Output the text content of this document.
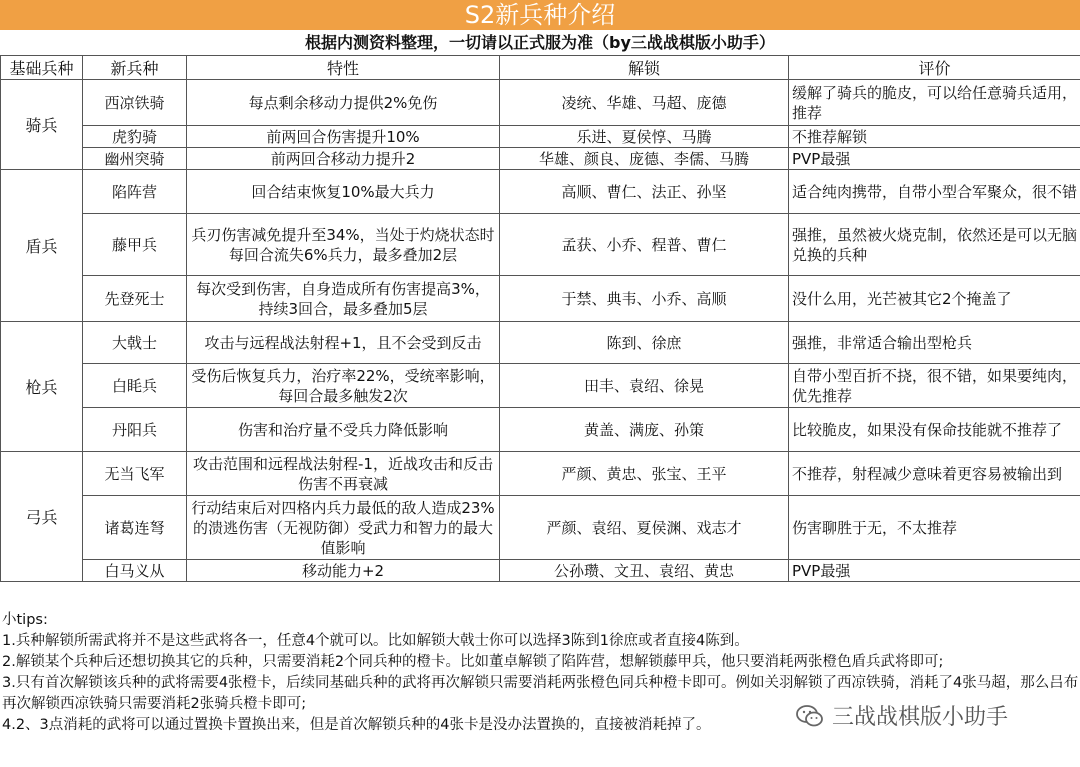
S2新兵种介绍
根据内测资料整理，一切请以正式服为准（by三战战棋版小助手）
基础兵种	新兵种	特性	解锁	评价
骑兵	西凉铁骑	每点剩余移动力提供2%免伤	凌统、华雄、马超、庞德	缓解了骑兵的脆皮，可以给任意骑兵适用，推荐
	虎豹骑	前两回合伤害提升10%	乐进、夏侯惇、马腾	不推荐解锁
	幽州突骑	前两回合移动力提升2	华雄、颜良、庞德、李儒、马腾	PVP最强
盾兵	陷阵营	回合结束恢复10%最大兵力	高顺、曹仁、法正、孙坚	适合纯肉携带，自带小型合军聚众，很不错
	藤甲兵	兵刃伤害减免提升至34%，当处于灼烧状态时每回合流失6%兵力，最多叠加2层	孟获、小乔、程普、曹仁	强推，虽然被火烧克制，依然还是可以无脑兑换的兵种
	先登死士	每次受到伤害，自身造成所有伤害提高3%，持续3回合，最多叠加5层	于禁、典韦、小乔、高顺	没什么用，光芒被其它2个掩盖了
枪兵	大戟士	攻击与远程战法射程+1，且不会受到反击	陈到、徐庶	强推，非常适合输出型枪兵
	白眊兵	受伤后恢复兵力，治疗率22%，受统率影响，每回合最多触发2次	田丰、袁绍、徐晃	自带小型百折不挠，很不错，如果要纯肉，优先推荐
	丹阳兵	伤害和治疗量不受兵力降低影响	黄盖、满庞、孙策	比较脆皮，如果没有保命技能就不推荐了
弓兵	无当飞军	攻击范围和远程战法射程-1，近战攻击和反击伤害不再衰减	严颜、黄忠、张宝、王平	不推荐，射程减少意味着更容易被输出到
	诸葛连弩	行动结束后对四格内兵力最低的敌人造成23%的溃逃伤害（无视防御）受武力和智力的最大值影响	严颜、袁绍、夏侯渊、戏志才	伤害聊胜于无，不太推荐
	白马义从	移动能力+2	公孙瓒、文丑、袁绍、黄忠	PVP最强
小tips:
1.兵种解锁所需武将并不是这些武将各一，任意4个就可以。比如解锁大戟士你可以选择3陈到1徐庶或者直接4陈到。
2.解锁某个兵种后还想切换其它的兵种，只需要消耗2个同兵种的橙卡。比如董卓解锁了陷阵营，想解锁藤甲兵，他只要消耗两张橙色盾兵武将即可;
3.只有首次解锁该兵种的武将需要4张橙卡，后续同基础兵种的武将再次解锁只需要消耗两张橙色同兵种橙卡即可。例如关羽解锁了西凉铁骑，消耗了4张马超，那么吕布再次解锁西凉铁骑只需要消耗2张骑兵橙卡即可;
4.2、3点消耗的武将可以通过置换卡置换出来，但是首次解锁兵种的4张卡是没办法置换的，直接被消耗掉了。	三战战棋版小助手
